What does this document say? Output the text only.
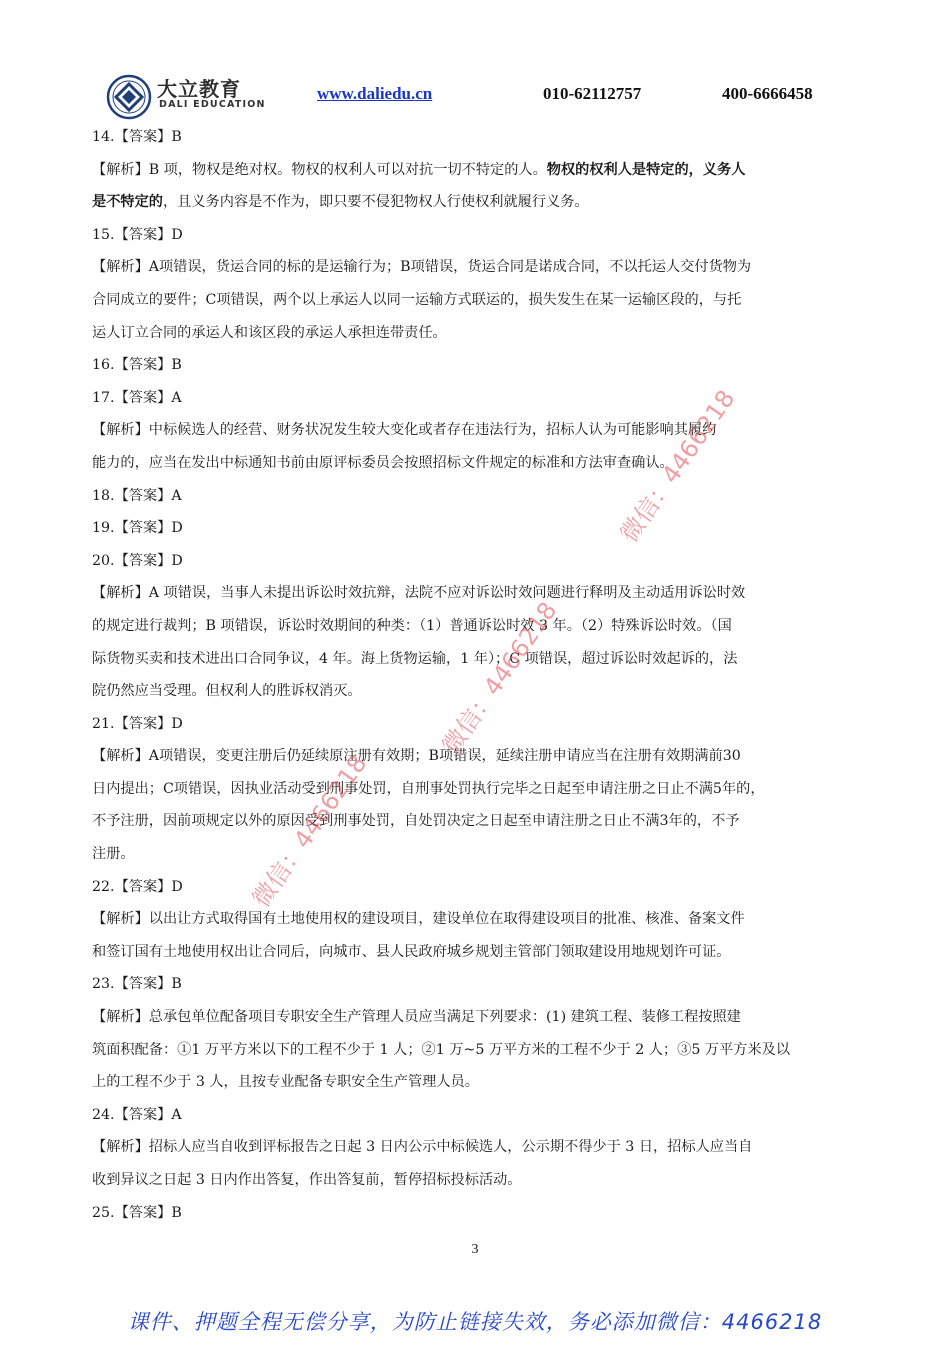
大立教育
DALI EDUCATION
www.daliedu.cn	010-62112757	400-6666458
14.【答案】B
【解析】B 项，物权是绝对权。物权的权利人可以对抗一切不特定的人。物权的权利人是特定的，义务人
是不特定的，且义务内容是不作为，即只要不侵犯物权人行使权利就履行义务。
15.【答案】D
【解析】A项错误，货运合同的标的是运输行为；B项错误，货运合同是诺成合同，不以托运人交付货物为
合同成立的要件；C项错误，两个以上承运人以同一运输方式联运的，损失发生在某一运输区段的，与托
运人订立合同的承运人和该区段的承运人承担连带责任。
16.【答案】B
17.【答案】A
【解析】中标候选人的经营、财务状况发生较大变化或者存在违法行为，招标人认为可能影响其履约
能力的，应当在发出中标通知书前由原评标委员会按照招标文件规定的标准和方法审查确认。
18.【答案】A
19.【答案】D
20.【答案】D
【解析】A 项错误，当事人未提出诉讼时效抗辩，法院不应对诉讼时效问题进行释明及主动适用诉讼时效
的规定进行裁判；B 项错误，诉讼时效期间的种类：（1）普通诉讼时效 3 年。（2）特殊诉讼时效。（国
际货物买卖和技术进出口合同争议，4 年。海上货物运输，1 年）；C 项错误，超过诉讼时效起诉的，法
院仍然应当受理。但权利人的胜诉权消灭。
21.【答案】D
【解析】A项错误，变更注册后仍延续原注册有效期；B项错误，延续注册申请应当在注册有效期满前30
日内提出；C项错误，因执业活动受到刑事处罚，自刑事处罚执行完毕之日起至申请注册之日止不满5年的，
不予注册，因前项规定以外的原因受到刑事处罚，自处罚决定之日起至申请注册之日止不满3年的，不予
注册。
22.【答案】D
【解析】以出让方式取得国有土地使用权的建设项目，建设单位在取得建设项目的批准、核准、备案文件
和签订国有土地使用权出让合同后，向城市、县人民政府城乡规划主管部门领取建设用地规划许可证。
23.【答案】B
【解析】总承包单位配备项目专职安全生产管理人员应当满足下列要求：(1) 建筑工程、装修工程按照建
筑面积配备：①1 万平方米以下的工程不少于 1 人；②1 万~5 万平方米的工程不少于 2 人；③5 万平方米及以
上的工程不少于 3 人，且按专业配备专职安全生产管理人员。
24.【答案】A
【解析】招标人应当自收到评标报告之日起 3 日内公示中标候选人，公示期不得少于 3 日，招标人应当自
收到异议之日起 3 日内作出答复，作出答复前，暂停招标投标活动。
25.【答案】B
微信：4466218
微信：4466218
微信：4466218
3
课件、押题全程无偿分享，为防止链接失效，务必添加微信：4466218
